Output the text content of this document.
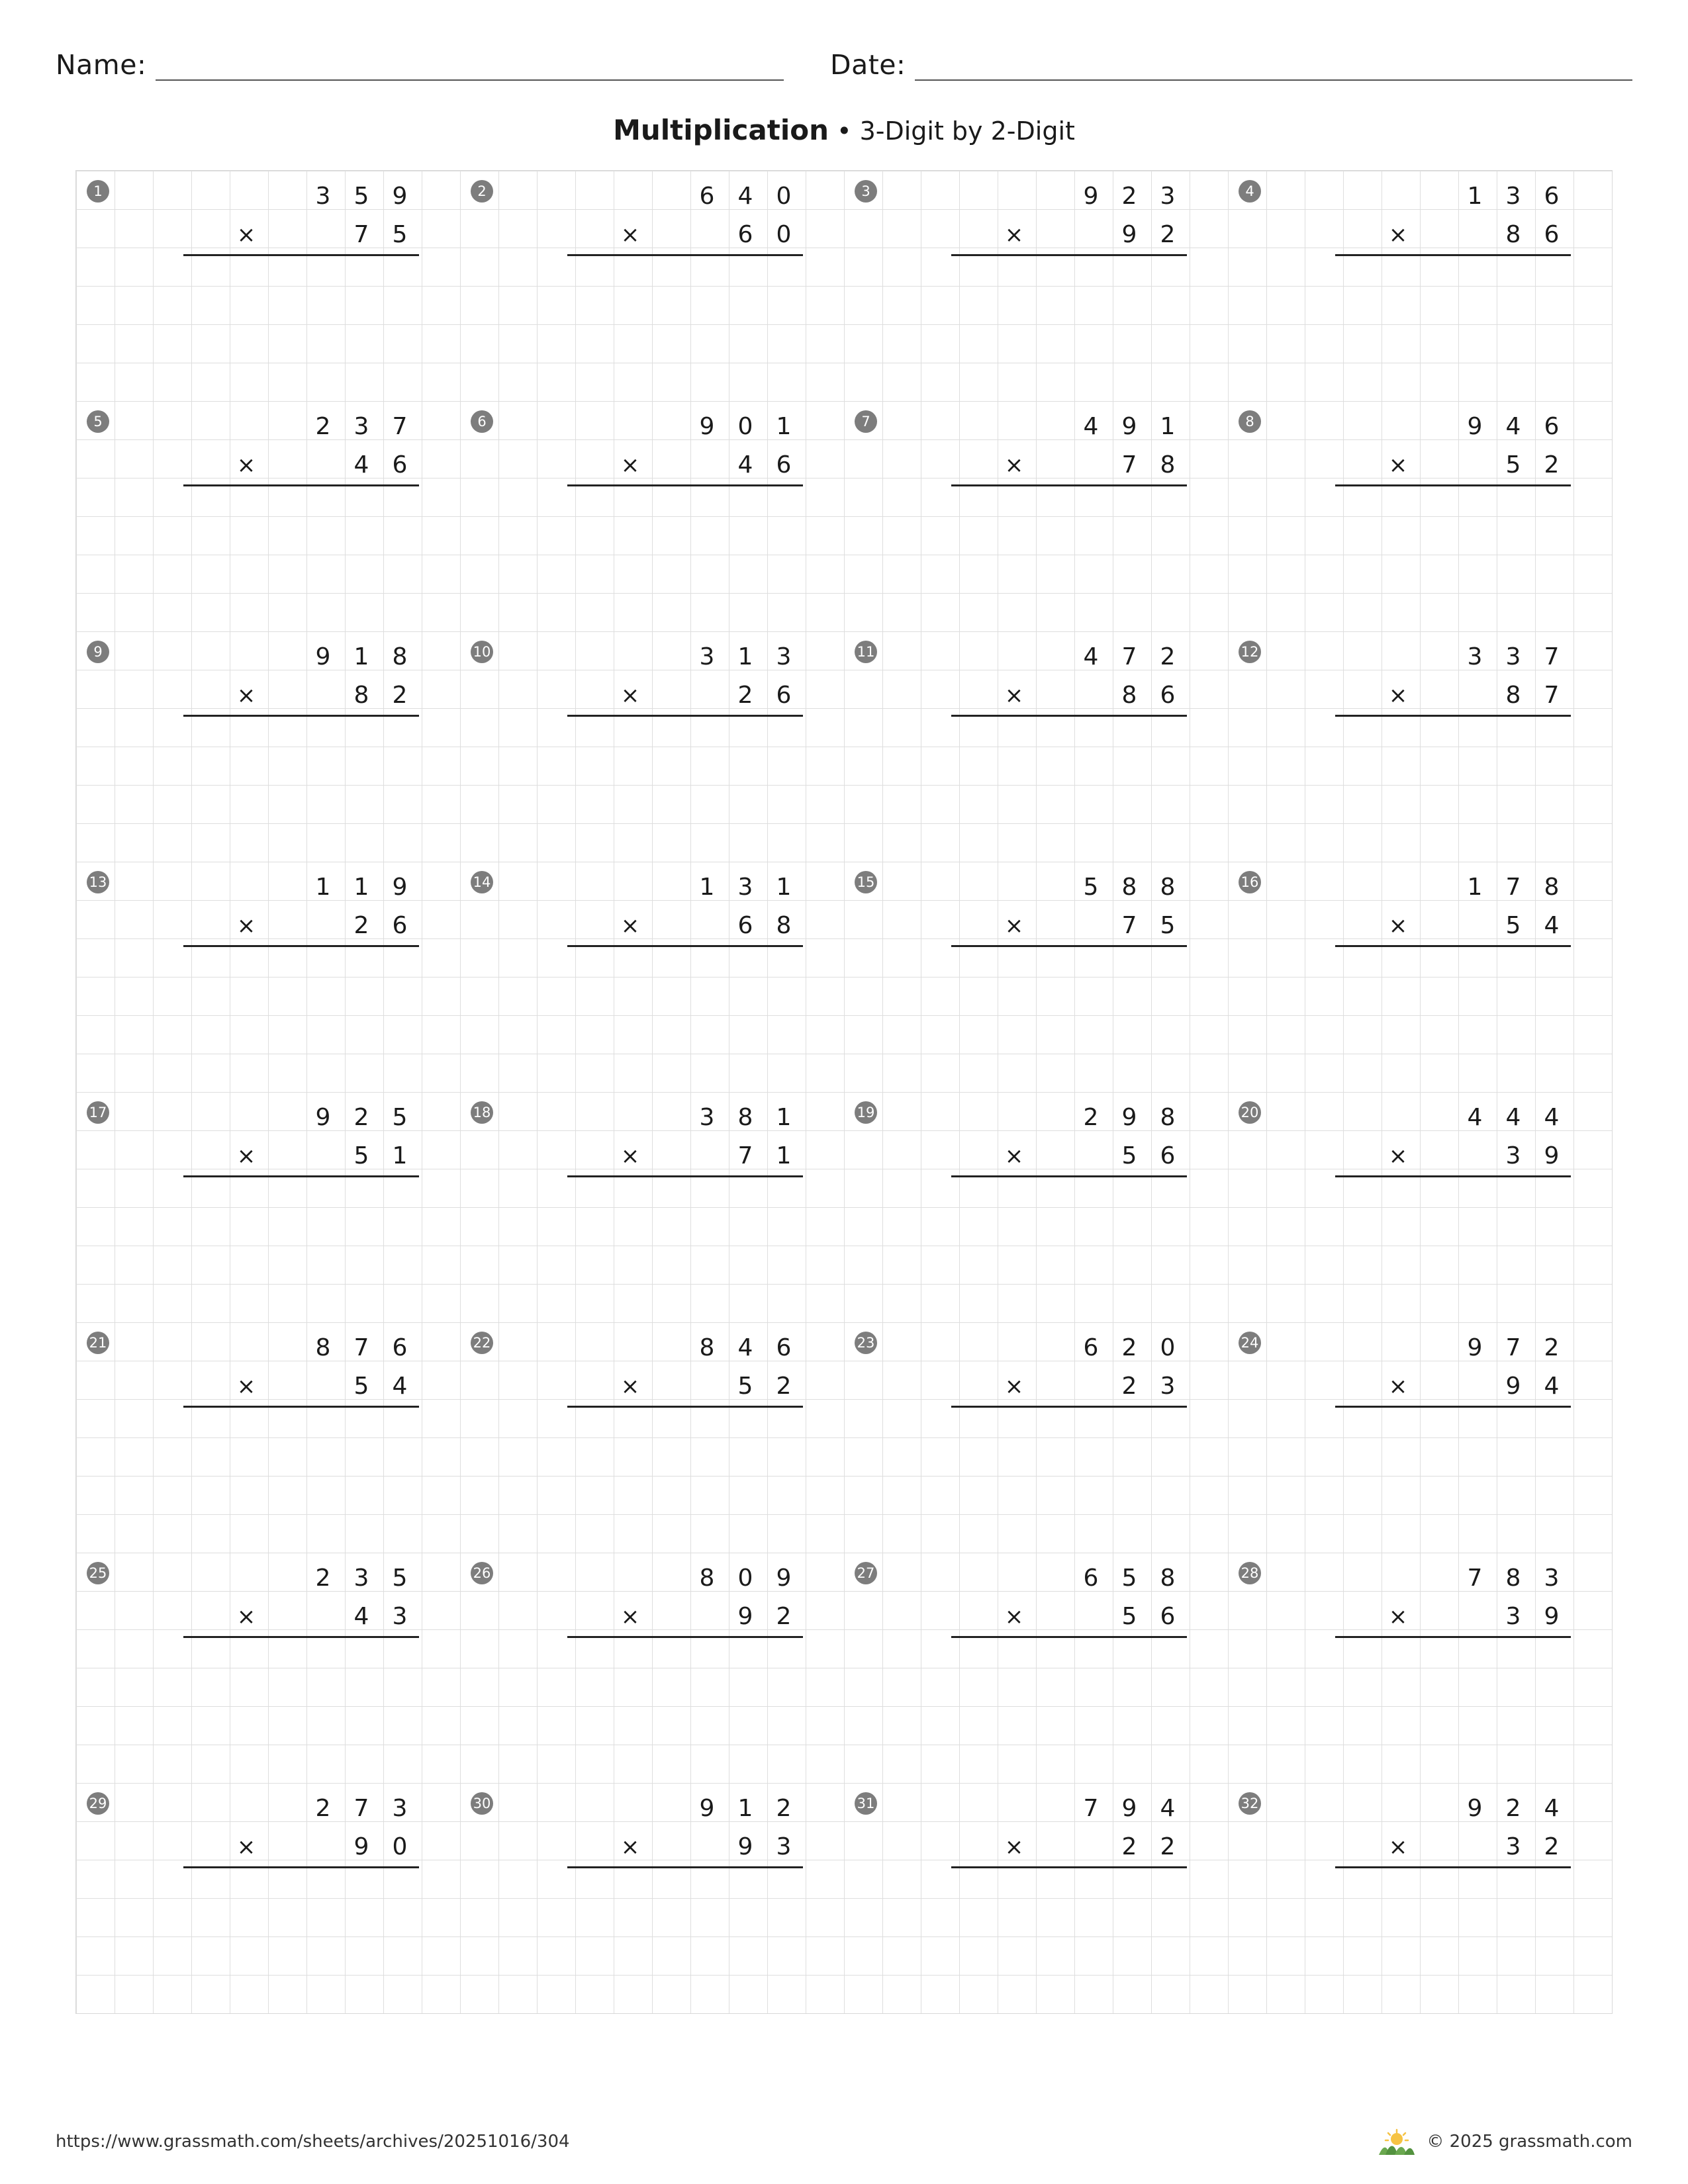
Name:	Date:
Multiplication • 3-Digit by 2-Digit
1	3 5 9
×	7 5
2	6 4 0
×	6 0
3	9 2 3
×	9 2
4	1 3 6
×	8 6
5	2 3 7
×	4 6
6	9 0 1
×	4 6
7	4 9 1
×	7 8
8	9 4 6
×	5 2
9	9 1 8
×	8 2
10	3 1 3
×	2 6
11	4 7 2
×	8 6
12	3 3 7
×	8 7
13	1 1 9
×	2 6
14	1 3 1
×	6 8
15	5 8 8
×	7 5
16	1 7 8
×	5 4
17	9 2 5
×	5 1
18	3 8 1
×	7 1
19	2 9 8
×	5 6
20	4 4 4
×	3 9
21	8 7 6
×	5 4
22	8 4 6
×	5 2
23	6 2 0
×	2 3
24	9 7 2
×	9 4
25	2 3 5
×	4 3
26	8 0 9
×	9 2
27	6 5 8
×	5 6
28	7 8 3
×	3 9
29	2 7 3
×	9 0
30	9 1 2
×	9 3
31	7 9 4
×	2 2
32	9 2 4
×	3 2
https://www.grassmath.com/sheets/archives/20251016/304	© 2025 grassmath.com
